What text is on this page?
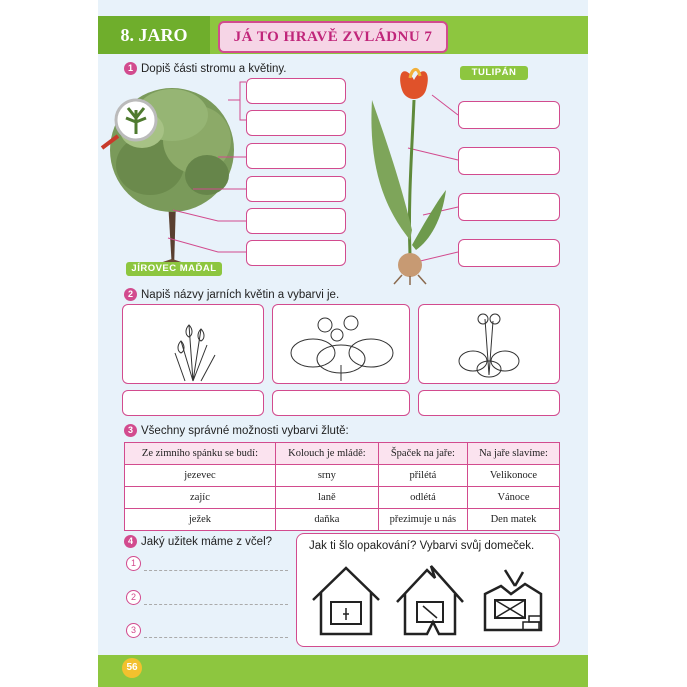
8. JARO	JÁ TO HRAVĚ ZVLÁDNU 7
1 Dopiš části stromu a květiny.
JÍROVEC MAĎAL
TULIPÁN
2 Napiš názvy jarních květin a vybarvi je.
3 Všechny správné možnosti vybarvi žlutě:
Ze zimního spánku se budí:	Kolouch je mládě:	Špaček na jaře:	Na jaře slavíme:
jezevec	srny	přilétá	Velikonoce
zajíc	laně	odlétá	Vánoce
ježek	daňka	přezimuje u nás	Den matek
4 Jaký užitek máme z včel?
1
2
3
Jak ti šlo opakování? Vybarvi svůj domeček.
56
